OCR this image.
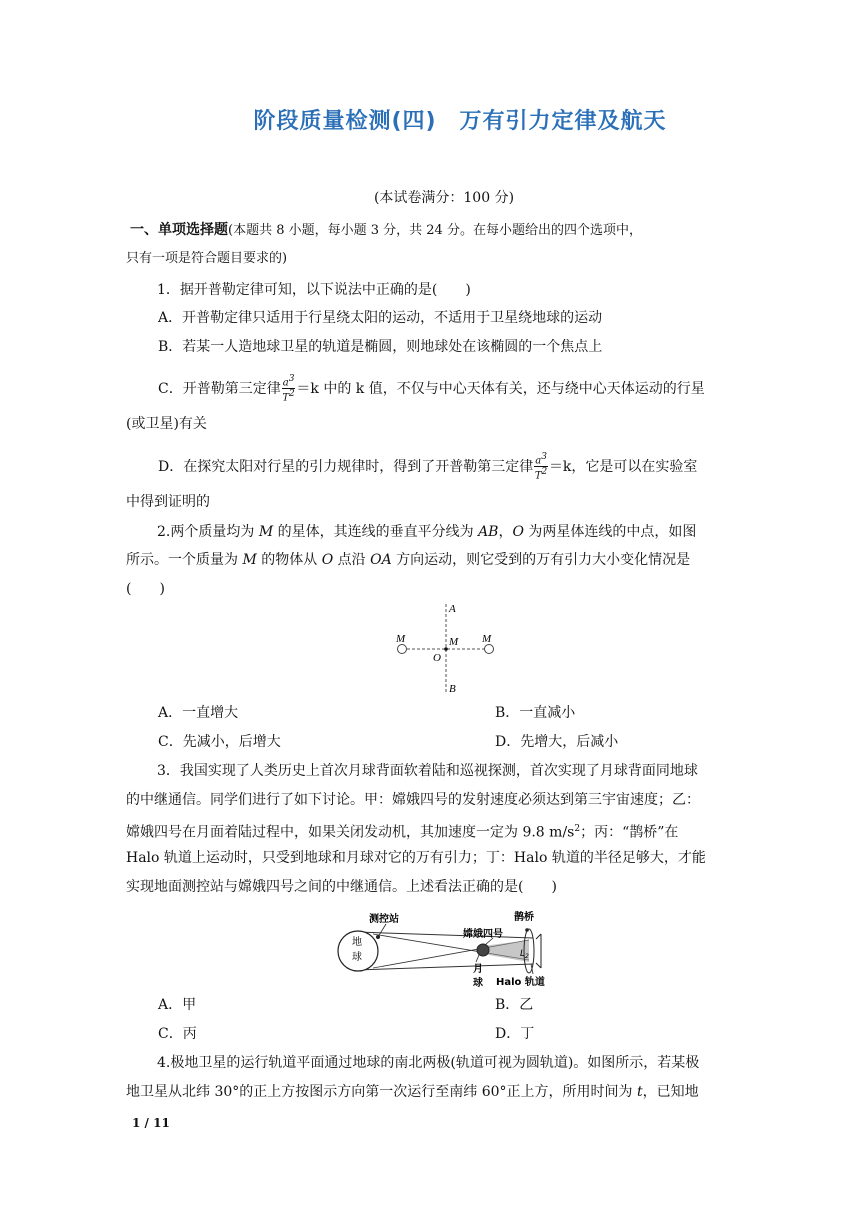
阶段质量检测(四)　万有引力定律及航天
(本试卷满分：100 分)
一、单项选择题(本题共 8 小题，每小题 3 分，共 24 分。在每小题给出的四个选项中，
只有一项是符合题目要求的)
1．据开普勒定律可知，以下说法中正确的是(　　)
A．开普勒定律只适用于行星绕太阳的运动，不适用于卫星绕地球的运动
B．若某一人造地球卫星的轨道是椭圆，则地球处在该椭圆的一个焦点上
C．开普勒第三定律 $\frac{a^3}{T^2} =k$ 中的 k 值，不仅与中心天体有关，还与绕中心天体运动的行星
(或卫星)有关
D．在探究太阳对行星的引力规律时，得到了开普勒第三定律 $\frac{a^3}{T^2} =k$，它是可以在实验室
中得到证明的
2.两个质量均为 M 的星体，其连线的垂直平分线为 AB，O 为两星体连线的中点，如图
所示。一个质量为 M 的物体从 O 点沿 OA 方向运动，则它受到的万有引力大小变化情况是
(　　)
A
B
O
M	M M
A．一直增大	B．一直减小
C．先减小，后增大	D．先增大，后减小
3．我国实现了人类历史上首次月球背面软着陆和巡视探测，首次实现了月球背面同地球
的中继通信。同学们进行了如下讨论。甲：嫦娥四号的发射速度必须达到第三宇宙速度；乙：
嫦娥四号在月面着陆过程中，如果关闭发动机，其加速度一定为 9.8 $m/s^2$；丙：“鹊桥”在
Halo 轨道上运动时，只受到地球和月球对它的万有引力；丁：Halo 轨道的半径足够大，才能
实现地面测控站与嫦娥四号之间的中继通信。上述看法正确的是(　　)
地
球
测控站
月
球
嫦娥四号
鹊桥
$L_2$
Halo 轨道
A．甲	B．乙
C．丙	D．丁
4.极地卫星的运行轨道平面通过地球的南北两极(轨道可视为圆轨道)。如图所示，若某极
地卫星从北纬 30°的正上方按图示方向第一次运行至南纬 60°正上方，所用时间为 t，已知地
1 / 11
